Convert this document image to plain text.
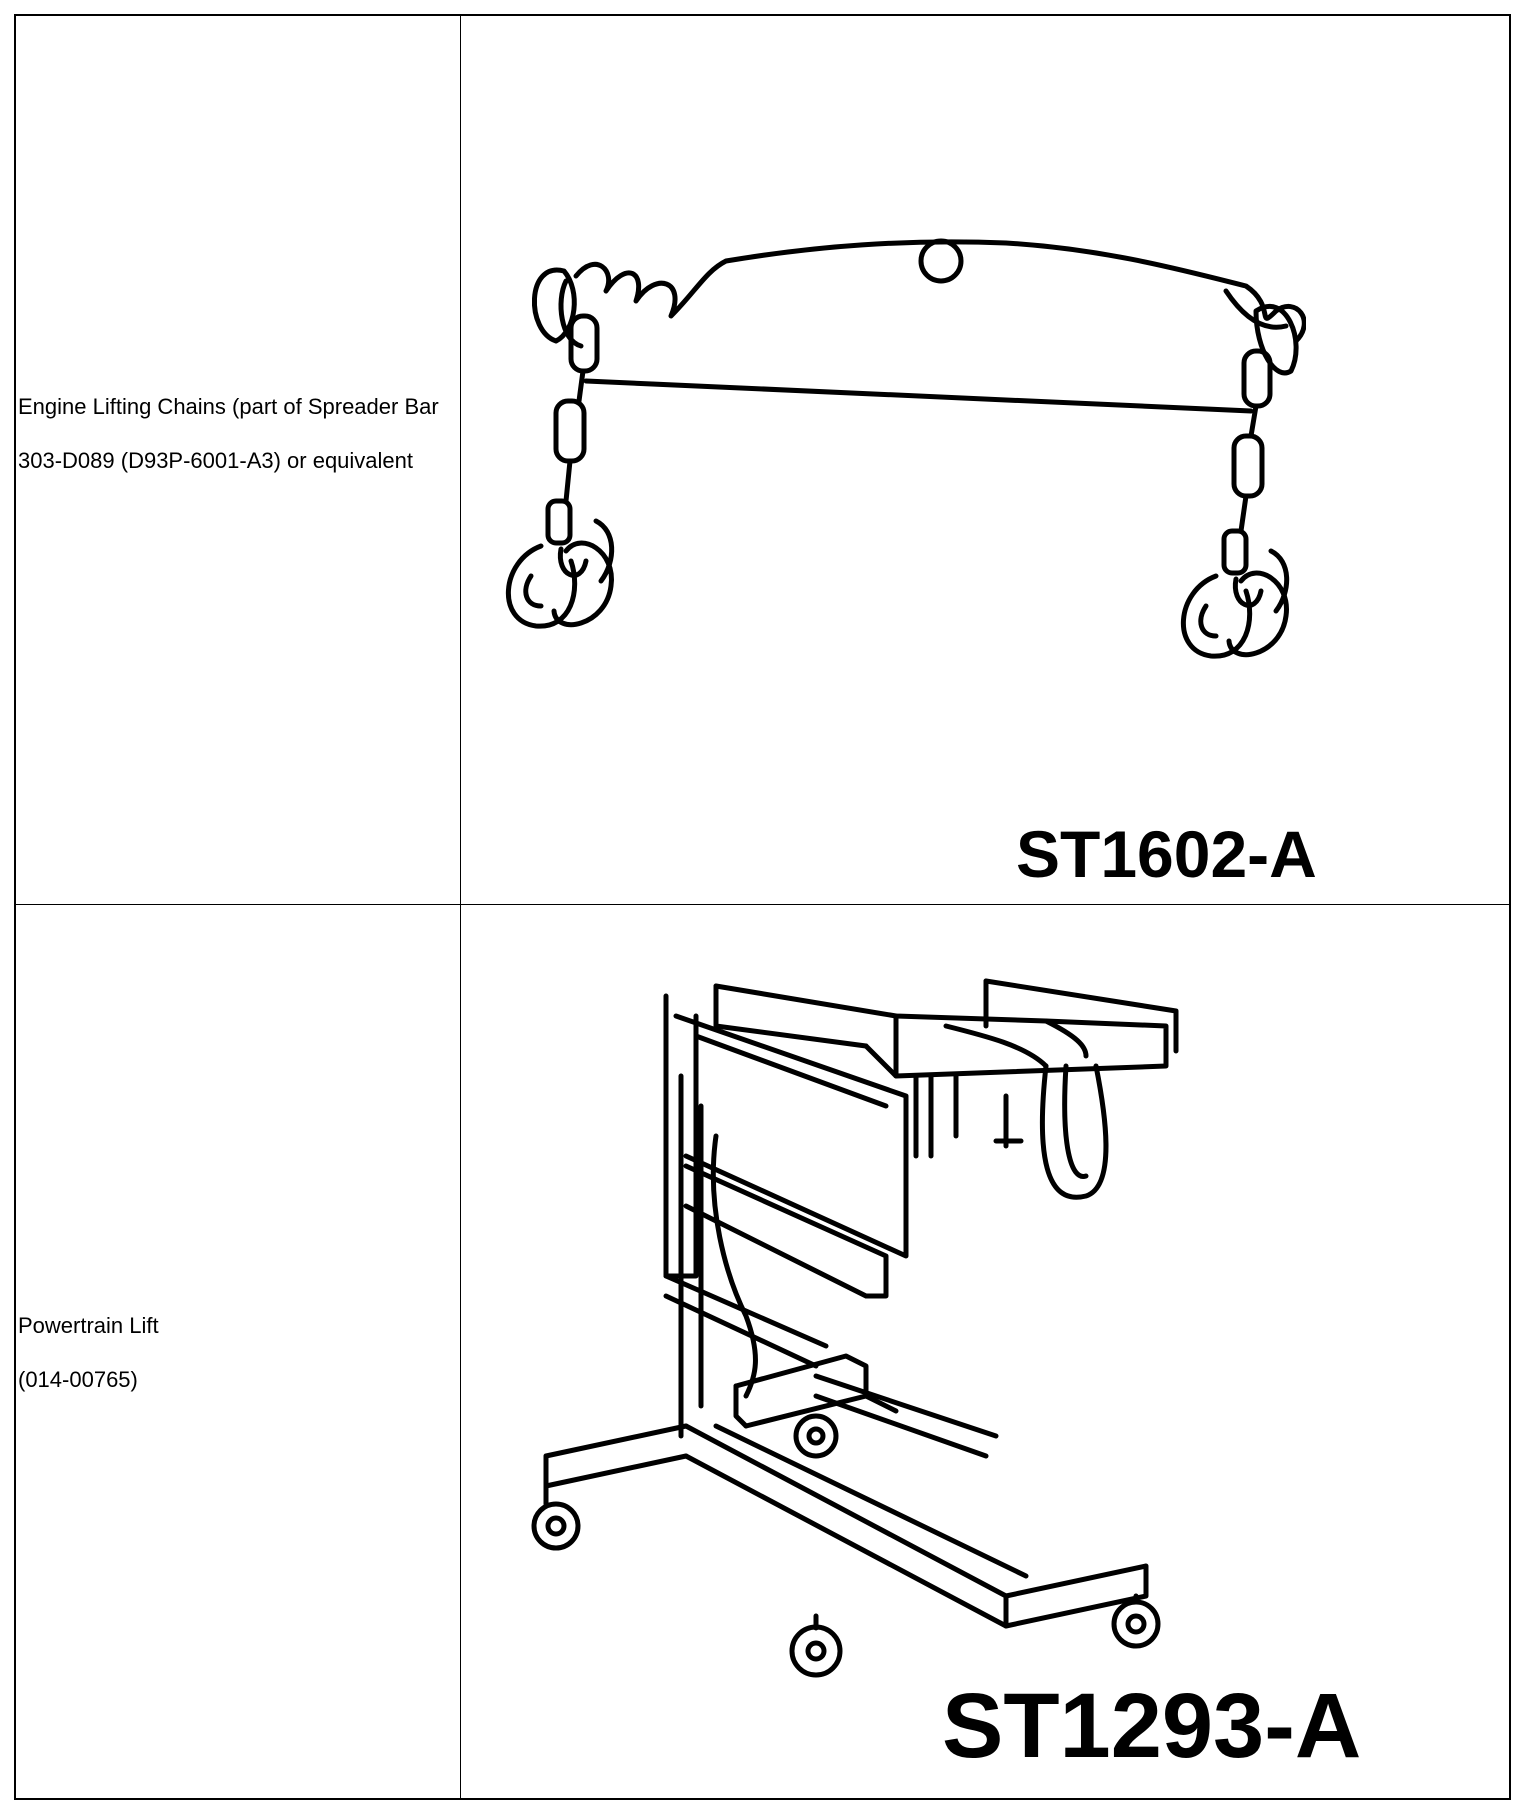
Engine Lifting Chains (part of Spreader Bar

303-D089 (D93P-6001-A3) or equivalent

ST1602-A

Powertrain Lift

(014-00765)

ST1293-A
